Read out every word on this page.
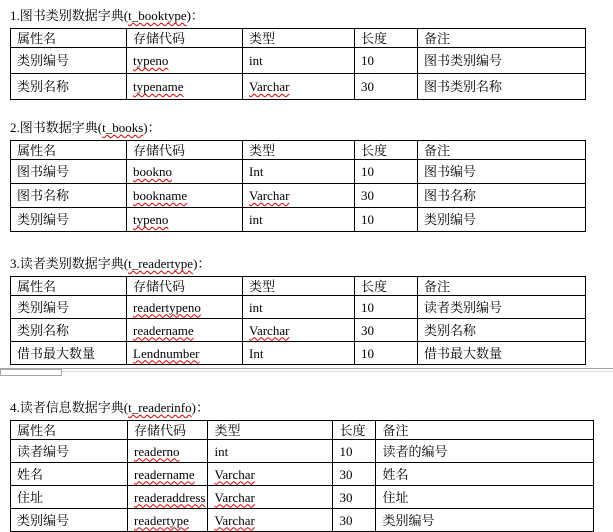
1.图书类别数据字典(t_booktype)：

属性名	存储代码	类型	长度	备注
类别编号	typeno	int	10	图书类别编号
类别名称	typename	Varchar	30	图书类别名称

2.图书数据字典(t_books)：

属性名	存储代码	类型	长度	备注
图书编号	bookno	Int	10	图书编号
图书名称	bookname	Varchar	30	图书名称
类别编号	typeno	int	10	类别编号

3.读者类别数据字典(t_readertype)：

属性名	存储代码	类型	长度	备注
类别编号	readertypeno	int	10	读者类别编号
类别名称	readername	Varchar	30	类别名称
借书最大数量	Lendnumber	Int	10	借书最大数量

4.读者信息数据字典(t_readerinfo)：

属性名	存储代码	类型	长度	备注
读者编号	readerno	int	10	读者的编号
姓名	readername	Varchar	30	姓名
住址	readeraddress	Varchar	30	住址
类别编号	readertype	Varchar	30	类别编号
